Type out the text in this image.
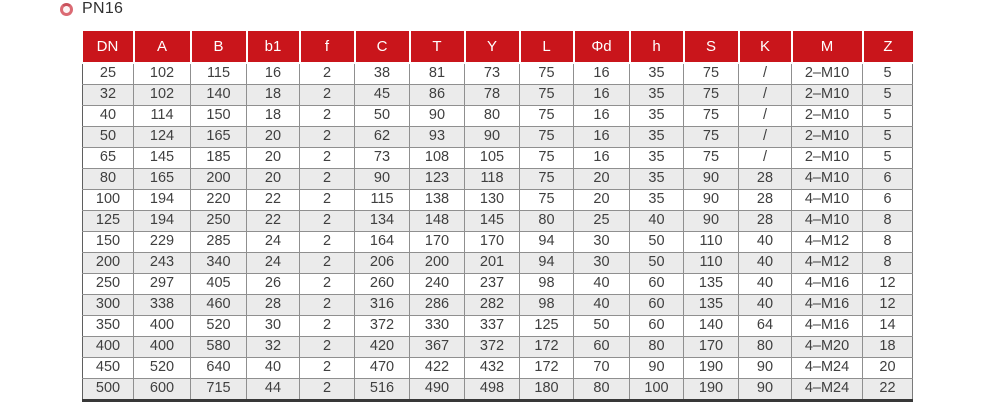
PN16
DN	A	B	b1	f	C	T	Y	L	Φd	h	S	K	M	Z
25	102	115	16	2	38	81	73	75	16	35	75	/	2–M10	5
32	102	140	18	2	45	86	78	75	16	35	75	/	2–M10	5
40	114	150	18	2	50	90	80	75	16	35	75	/	2–M10	5
50	124	165	20	2	62	93	90	75	16	35	75	/	2–M10	5
65	145	185	20	2	73	108	105	75	16	35	75	/	2–M10	5
80	165	200	20	2	90	123	118	75	20	35	90	28	4–M10	6
100	194	220	22	2	115	138	130	75	20	35	90	28	4–M10	6
125	194	250	22	2	134	148	145	80	25	40	90	28	4–M10	8
150	229	285	24	2	164	170	170	94	30	50	110	40	4–M12	8
200	243	340	24	2	206	200	201	94	30	50	110	40	4–M12	8
250	297	405	26	2	260	240	237	98	40	60	135	40	4–M16	12
300	338	460	28	2	316	286	282	98	40	60	135	40	4–M16	12
350	400	520	30	2	372	330	337	125	50	60	140	64	4–M16	14
400	400	580	32	2	420	367	372	172	60	80	170	80	4–M20	18
450	520	640	40	2	470	422	432	172	70	90	190	90	4–M24	20
500	600	715	44	2	516	490	498	180	80	100	190	90	4–M24	22
